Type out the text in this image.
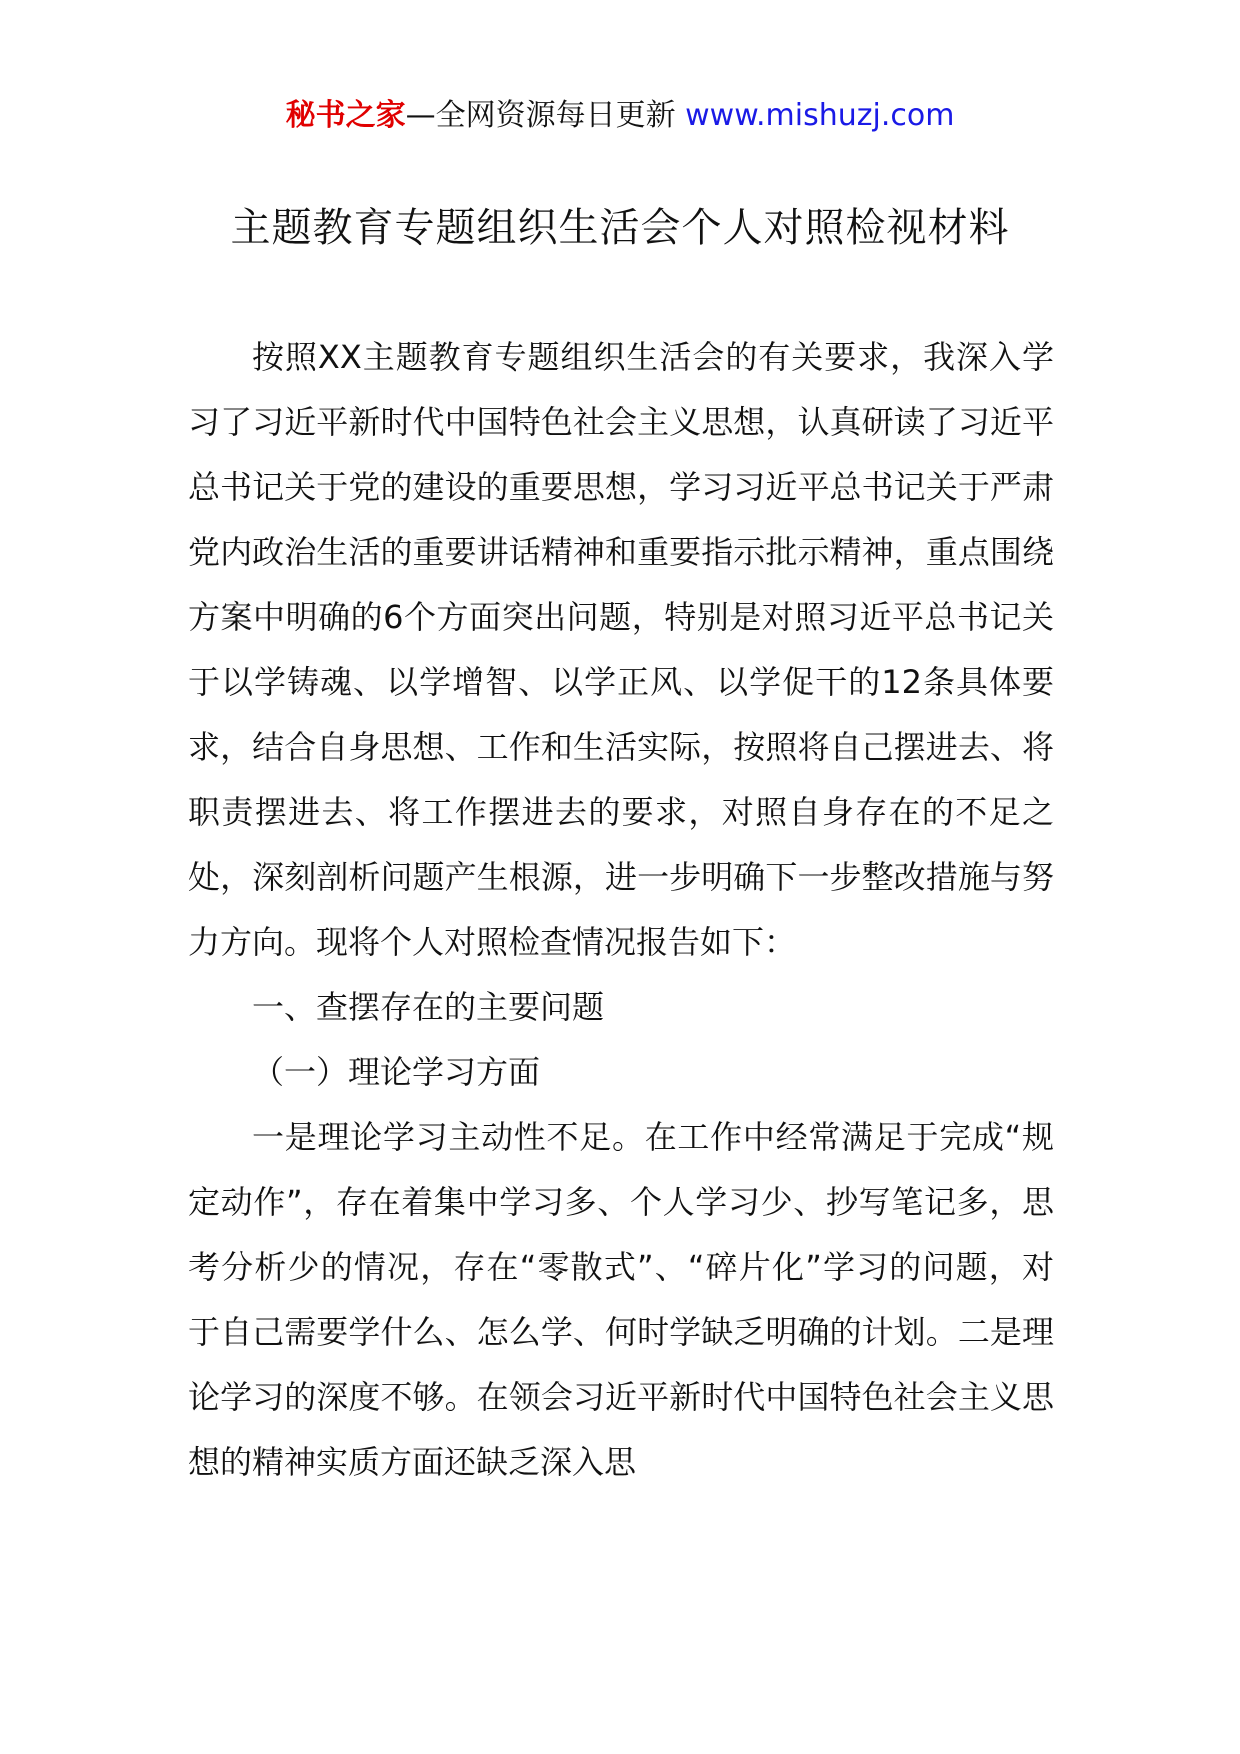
秘书之家—全网资源每日更新 www.mishuzj.com
主题教育专题组织生活会个人对照检视材料

按照XX主题教育专题组织生活会的有关要求，我深入学习了习近平新时代中国特色社会主义思想，认真研读了习近平总书记关于党的建设的重要思想，学习习近平总书记关于严肃党内政治生活的重要讲话精神和重要指示批示精神，重点围绕方案中明确的6个方面突出问题，特别是对照习近平总书记关于以学铸魂、以学增智、以学正风、以学促干的12条具体要求，结合自身思想、工作和生活实际，按照将自己摆进去、将职责摆进去、将工作摆进去的要求，对照自身存在的不足之处，深刻剖析问题产生根源，进一步明确下一步整改措施与努力方向。现将个人对照检查情况报告如下：

一、查摆存在的主要问题

（一）理论学习方面

一是理论学习主动性不足。在工作中经常满足于完成“规定动作”，存在着集中学习多、个人学习少、抄写笔记多，思考分析少的情况，存在“零散式”、“碎片化”学习的问题，对于自己需要学什么、怎么学、何时学缺乏明确的计划。二是理论学习的深度不够。在领会习近平新时代中国特色社会主义思想的精神实质方面还缺乏深入思
